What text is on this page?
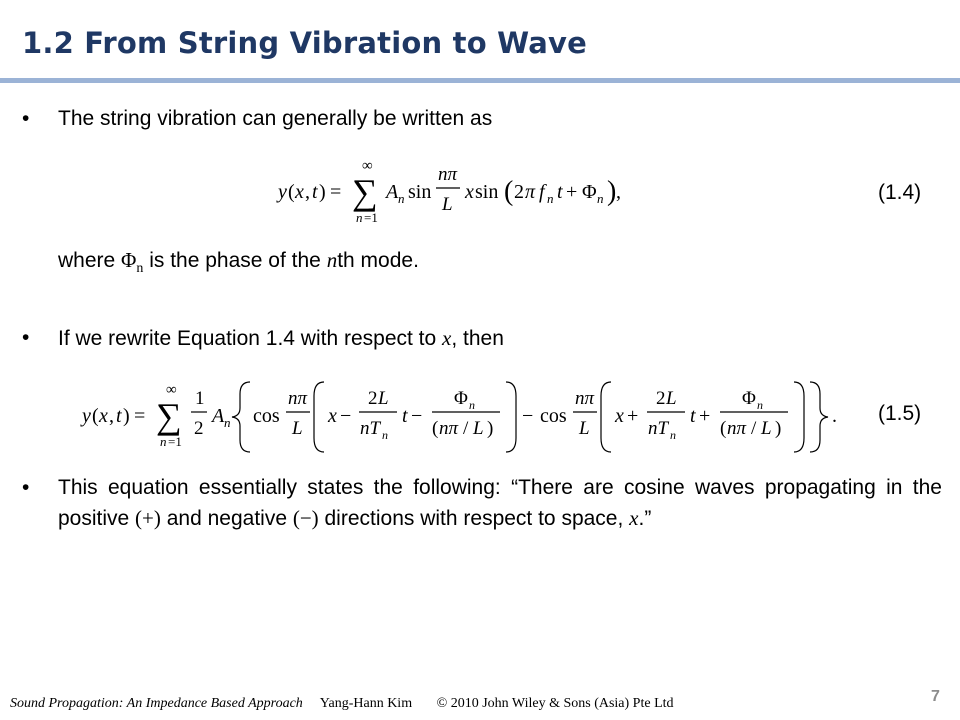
1.2 From String Vibration to Wave
• The string vibration can generally be written as
y ( x , t ) =
∞
∑
n =1
A n sin
nπ
L
x sin ( 2 π f n t + Φ n ) ,	(1.4)
where $\Phi_n$ is the phase of the nth mode.
• If we rewrite Equation 1.4 with respect to x, then
y ( x , t ) =
∞
∑
n =1
1
2
A n cos
nπ
L
x −
2 L
nT n
t −
Φ n
( nπ / L )
− cos
nπ
L
x +
2 L
nT n
t +
Φ n
( nπ / L )
. (1.5)
• This equation essentially states the following: “There are cosine waves propagating in the positive (+) and negative (−) directions with respect to space, x.”
Sound Propagation: An Impedance Based Approach Yang-Hann Kim © 2010 John Wiley & Sons (Asia) Pte Ltd	7
